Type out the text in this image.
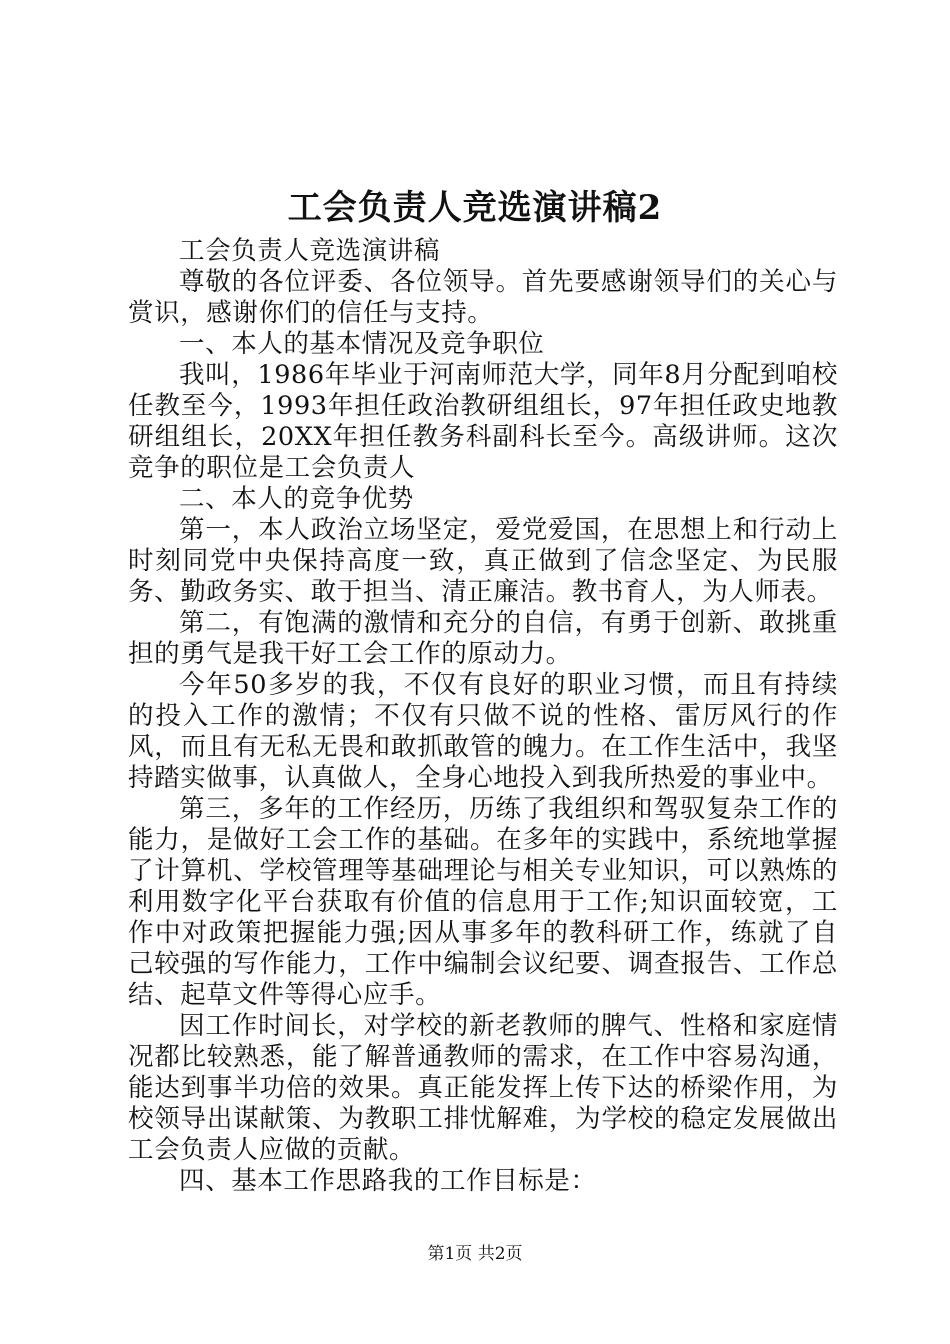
工会负责人竞选演讲稿2

工会负责人竞选演讲稿

尊敬的各位评委、各位领导。首先要感谢领导们的关心与赏识，感谢你们的信任与支持。

一、本人的基本情况及竞争职位

我叫，1986年毕业于河南师范大学，同年8月分配到咱校任教至今，1993年担任政治教研组组长，97年担任政史地教研组组长，20XX年担任教务科副科长至今。高级讲师。这次竞争的职位是工会负责人

二、本人的竞争优势

第一，本人政治立场坚定，爱党爱国，在思想上和行动上时刻同党中央保持高度一致，真正做到了信念坚定、为民服务、勤政务实、敢于担当、清正廉洁。教书育人，为人师表。

第二，有饱满的激情和充分的自信，有勇于创新、敢挑重担的勇气是我干好工会工作的原动力。

今年50多岁的我，不仅有良好的职业习惯，而且有持续的投入工作的激情；不仅有只做不说的性格、雷厉风行的作风，而且有无私无畏和敢抓敢管的魄力。在工作生活中，我坚持踏实做事，认真做人，全身心地投入到我所热爱的事业中。

第三，多年的工作经历，历练了我组织和驾驭复杂工作的能力，是做好工会工作的基础。在多年的实践中，系统地掌握了计算机、学校管理等基础理论与相关专业知识，可以熟炼的利用数字化平台获取有价值的信息用于工作;知识面较宽，工作中对政策把握能力强;因从事多年的教科研工作，练就了自己较强的写作能力，工作中编制会议纪要、调查报告、工作总结、起草文件等得心应手。

因工作时间长，对学校的新老教师的脾气、性格和家庭情况都比较熟悉，能了解普通教师的需求，在工作中容易沟通，能达到事半功倍的效果。真正能发挥上传下达的桥梁作用，为校领导出谋献策、为教职工排忧解难，为学校的稳定发展做出工会负责人应做的贡献。

四、基本工作思路我的工作目标是：

第1页 共2页
